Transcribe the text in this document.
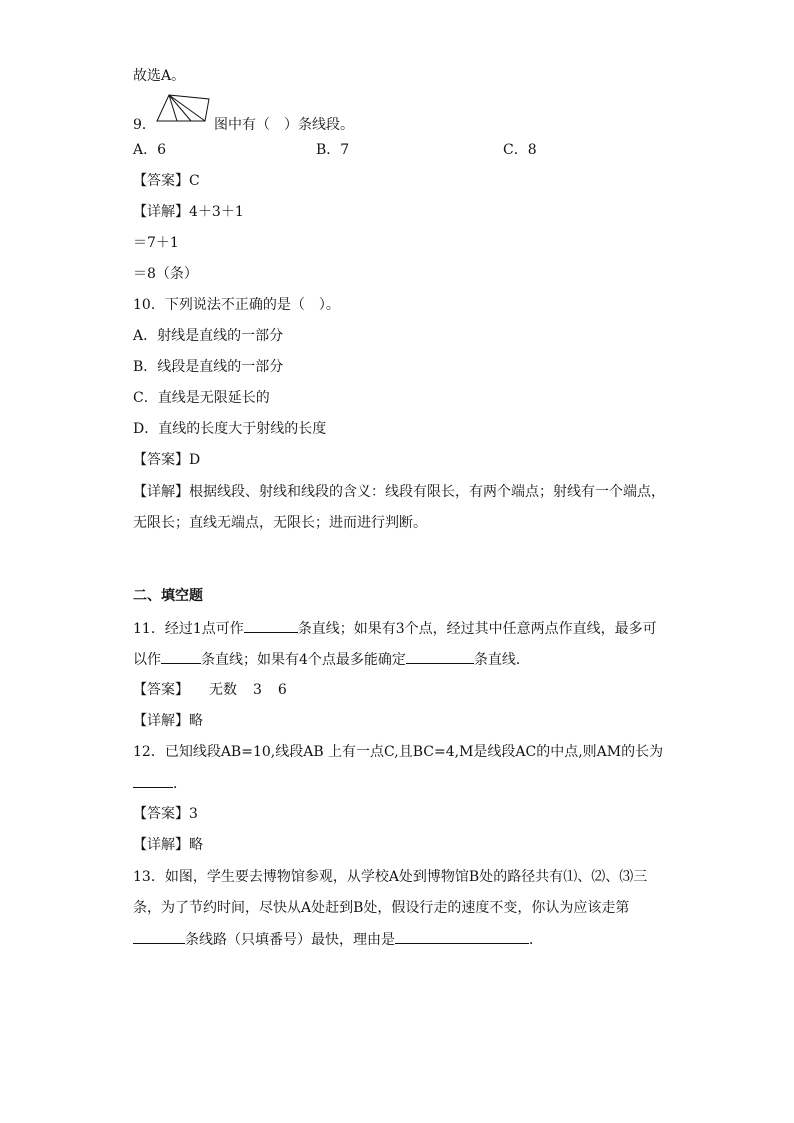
故选A。
9．	图中有（　）条线段。
A．6	B．7	C．8
【答案】C
【详解】4＋3＋1
＝7＋1
＝8（条）
10．下列说法不正确的是（　）。
A．射线是直线的一部分
B．线段是直线的一部分
C．直线是无限延长的
D．直线的长度大于射线的长度
【答案】D
【详解】根据线段、射线和线段的含义：线段有限长，有两个端点；射线有一个端点，
无限长；直线无端点，无限长；进而进行判断。
二、填空题
11．经过1点可作	条直线；如果有3个点，经过其中任意两点作直线，最多可
以作	条直线；如果有4个点最多能确定	条直线．
【答案】 无数 3 6
【详解】略
12．已知线段AB=10,线段AB 上有一点C,且BC=4,M是线段AC的中点,则AM的长为
．
【答案】3
【详解】略
13．如图，学生要去博物馆参观，从学校A处到博物馆B处的路径共有⑴、⑵、⑶三
条，为了节约时间，尽快从A处赶到B处，假设行走的速度不变，你认为应该走第
条线路（只填番号）最快，理由是	．
